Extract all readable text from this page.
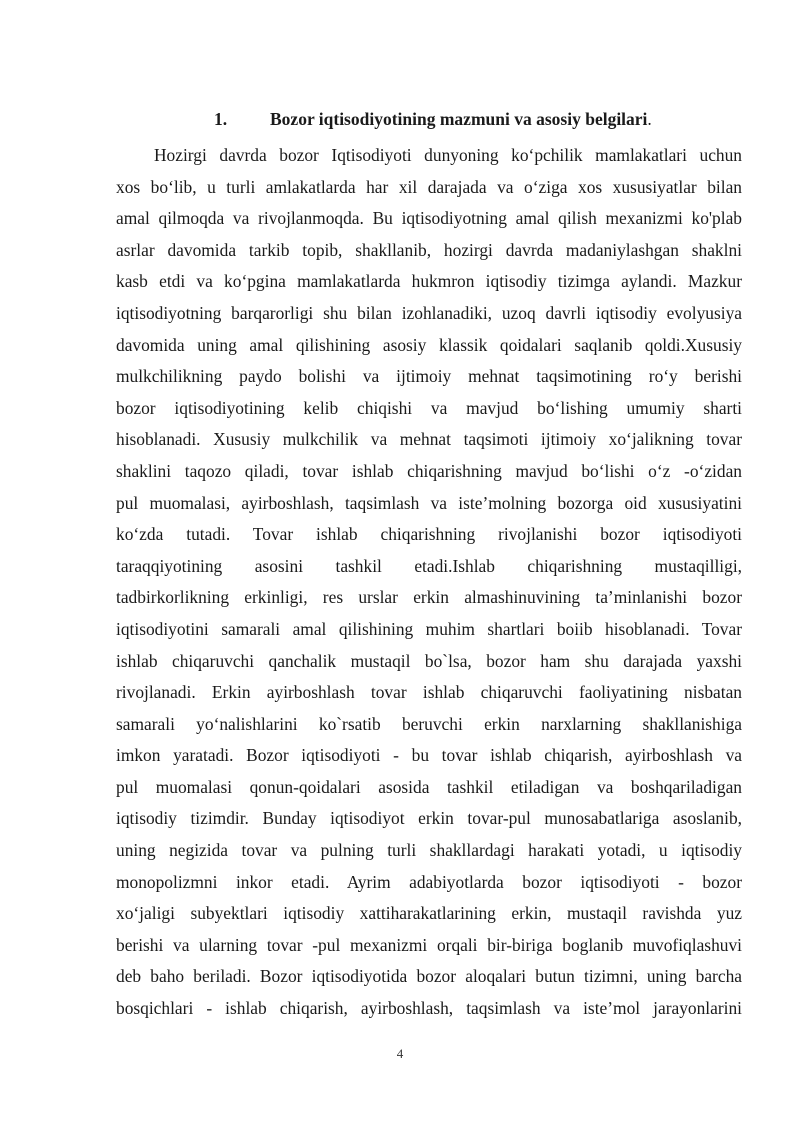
1. Bozor iqtisodiyotining mazmuni va asosiy belgilari.
Hozirgi davrda bozor Iqtisodiyoti dunyoning ko‘pchilik mamlakatlari uchun
xos bo‘lib, u turli amlakatlarda har xil darajada va o‘ziga xos xususiyatlar bilan
amal qilmoqda va rivojlanmoqda. Bu iqtisodiyotning amal qilish mexanizmi ko'plab
asrlar davomida tarkib topib, shakllanib, hozirgi davrda madaniylashgan shaklni
kasb etdi va ko‘pgina mamlakatlarda hukmron iqtisodiy tizimga aylandi. Mazkur
iqtisodiyotning barqarorligi shu bilan izohlanadiki, uzoq davrli iqtisodiy evolyusiya
davomida uning amal qilishining asosiy klassik qoidalari saqlanib qoldi.Xususiy
mulkchilikning paydo bolishi va ijtimoiy mehnat taqsimotining ro‘y berishi
bozor iqtisodiyotining kelib chiqishi va mavjud bo‘lishing umumiy sharti
hisoblanadi. Xususiy mulkchilik va mehnat taqsimoti ijtimoiy xo‘jalikning tovar
shaklini taqozo qiladi, tovar ishlab chiqarishning mavjud bo‘lishi o‘z -o‘zidan
pul muomalasi, ayirboshlash, taqsimlash va iste’molning bozorga oid xususiyatini
ko‘zda tutadi. Tovar ishlab chiqarishning rivojlanishi bozor iqtisodiyoti
taraqqiyotining asosini tashkil etadi.Ishlab chiqarishning mustaqilligi,
tadbirkorlikning erkinligi, res urslar erkin almashinuvining ta’minlanishi bozor
iqtisodiyotini samarali amal qilishining muhim shartlari boiib hisoblanadi. Tovar
ishlab chiqaruvchi qanchalik mustaqil bo`lsa, bozor ham shu darajada yaxshi
rivojlanadi. Erkin ayirboshlash tovar ishlab chiqaruvchi faoliyatining nisbatan
samarali yo‘nalishlarini ko`rsatib beruvchi erkin narxlarning shakllanishiga
imkon yaratadi. Bozor iqtisodiyoti - bu tovar ishlab chiqarish, ayirboshlash va
pul muomalasi qonun-qoidalari asosida tashkil etiladigan va boshqariladigan
iqtisodiy tizimdir. Bunday iqtisodiyot erkin tovar-pul munosabatlariga asoslanib,
uning negizida tovar va pulning turli shakllardagi harakati yotadi, u iqtisodiy
monopolizmni inkor etadi. Ayrim adabiyotlarda bozor iqtisodiyoti - bozor
xo‘jaligi subyektlari iqtisodiy xattiharakatlarining erkin, mustaqil ravishda yuz
berishi va ularning tovar -pul mexanizmi orqali bir-biriga boglanib muvofiqlashuvi
deb baho beriladi. Bozor iqtisodiyotida bozor aloqalari butun tizimni, uning barcha
bosqichlari - ishlab chiqarish, ayirboshlash, taqsimlash va iste’mol jarayonlarini
4
